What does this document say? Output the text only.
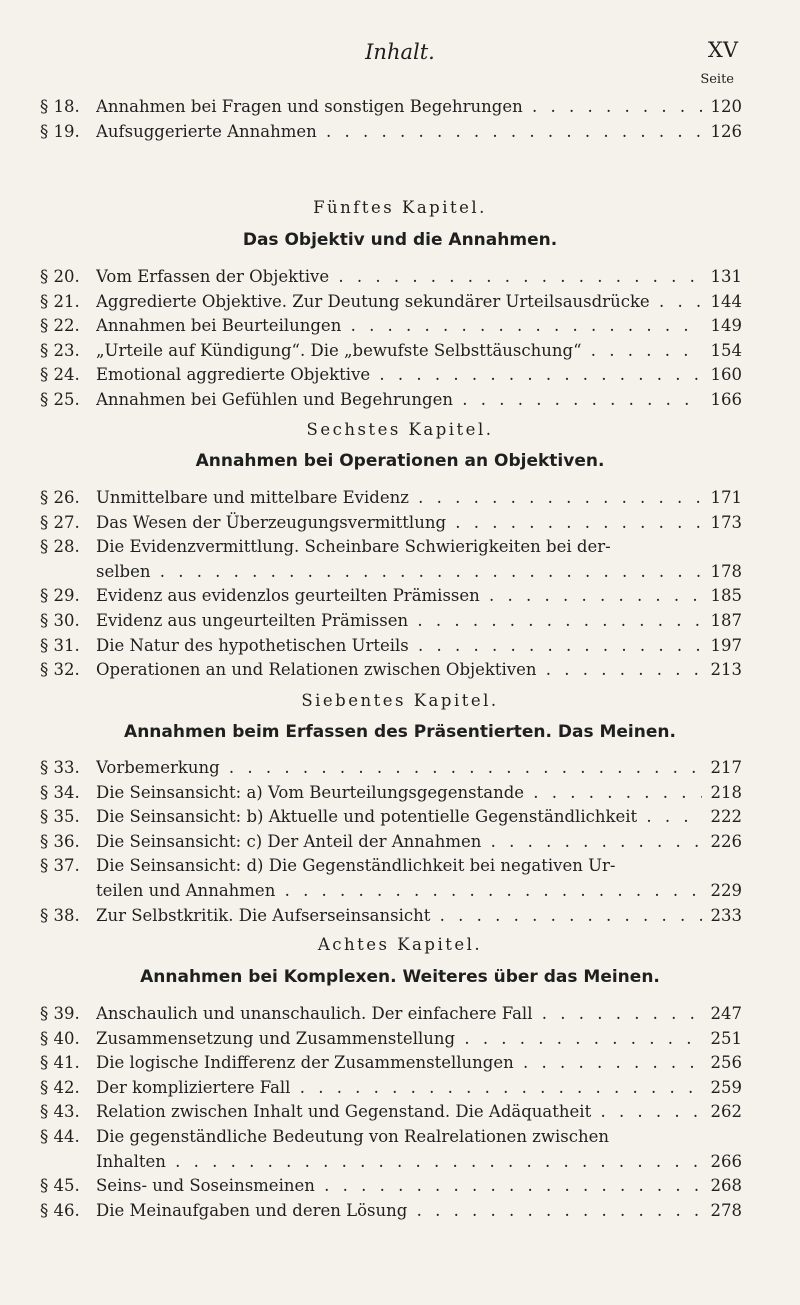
Inhalt.	XV
Seite
§ 18. Annahmen bei Fragen und sonstigen Begehrungen . . .	120
§ 19. Aufsuggerierte Annahmen . . .	126
Fünftes Kapitel.
Das Objektiv und die Annahmen.
§ 20. Vom Erfassen der Objektive . . .	131
§ 21. Aggredierte Objektive. Zur Deutung sekundärer Urteilsausdrücke . . .	144
§ 22. Annahmen bei Beurteilungen . . .	149
§ 23. „Urteile auf Kündigung“. Die „bewufste Selbsttäuschung“ . . .	154
§ 24. Emotional aggredierte Objektive . . .	160
§ 25. Annahmen bei Gefühlen und Begehrungen . . .	166
Sechstes Kapitel.
Annahmen bei Operationen an Objektiven.
§ 26. Unmittelbare und mittelbare Evidenz . . .	171
§ 27. Das Wesen der Überzeugungsvermittlung . . .	173
§ 28. Die Evidenzvermittlung. Scheinbare Schwierigkeiten bei der-
selben . . .	178
§ 29. Evidenz aus evidenzlos geurteilten Prämissen . . .	185
§ 30. Evidenz aus ungeurteilten Prämissen . . .	187
§ 31. Die Natur des hypothetischen Urteils . . .	197
§ 32. Operationen an und Relationen zwischen Objektiven . . .	213
Siebentes Kapitel.
Annahmen beim Erfassen des Präsentierten. Das Meinen.
§ 33. Vorbemerkung . . .	217
§ 34. Die Seinsansicht: a) Vom Beurteilungsgegenstande . . .	218
§ 35. Die Seinsansicht: b) Aktuelle und potentielle Gegenständlichkeit . . .	222
§ 36. Die Seinsansicht: c) Der Anteil der Annahmen . . .	226
§ 37. Die Seinsansicht: d) Die Gegenständlichkeit bei negativen Ur-
teilen und Annahmen . . .	229
§ 38. Zur Selbstkritik. Die Aufserseinsansicht . . .	233
Achtes Kapitel.
Annahmen bei Komplexen. Weiteres über das Meinen.
§ 39. Anschaulich und unanschaulich. Der einfachere Fall . . .	247
§ 40. Zusammensetzung und Zusammenstellung . . .	251
§ 41. Die logische Indifferenz der Zusammenstellungen . . .	256
§ 42. Der kompliziertere Fall . . .	259
§ 43. Relation zwischen Inhalt und Gegenstand. Die Adäquatheit . . .	262
§ 44. Die gegenständliche Bedeutung von Realrelationen zwischen
Inhalten . . .	266
§ 45. Seins- und Soseinsmeinen . . .	268
§ 46. Die Meinaufgaben und deren Lösung . . .	278
